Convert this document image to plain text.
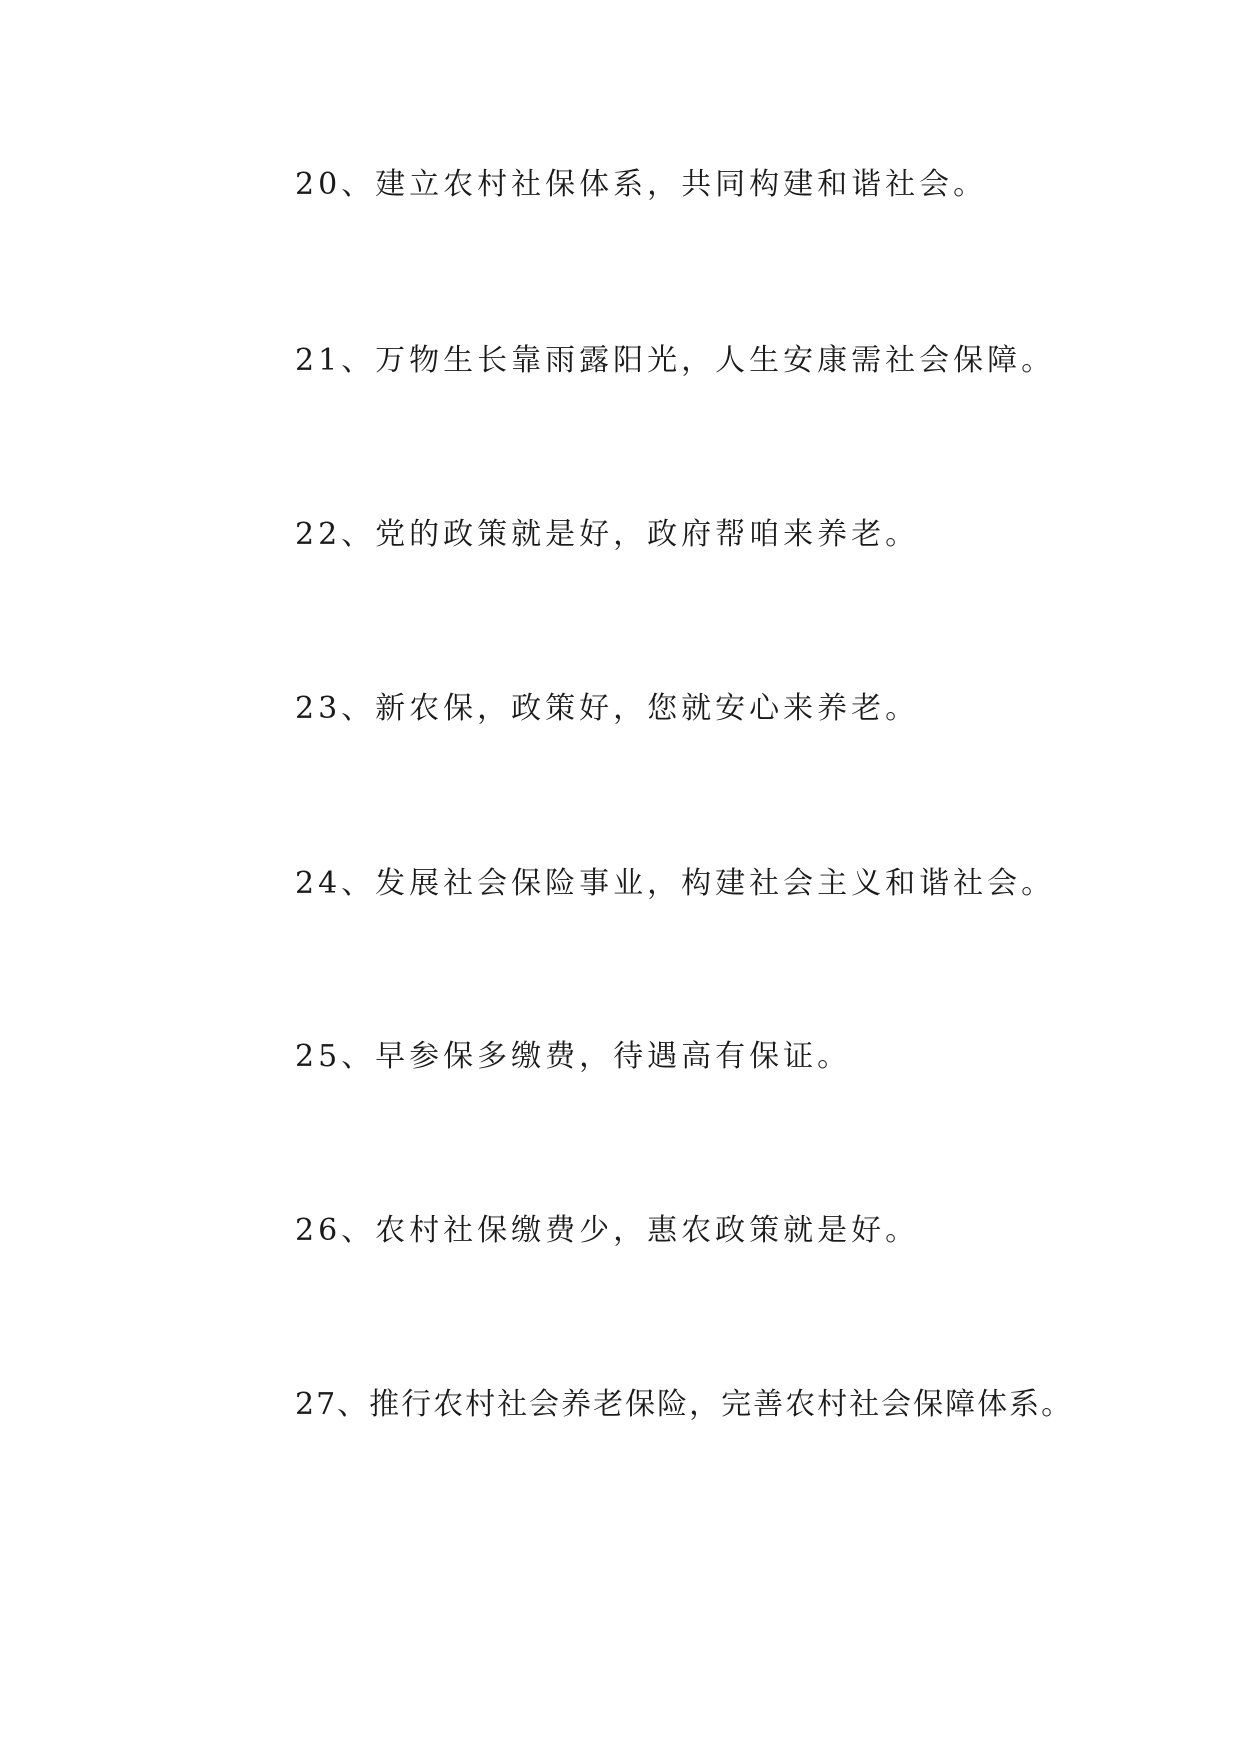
20、建立农村社保体系，共同构建和谐社会。
21、万物生长靠雨露阳光，人生安康需社会保障。
22、党的政策就是好，政府帮咱来养老。
23、新农保，政策好，您就安心来养老。
24、发展社会保险事业，构建社会主义和谐社会。
25、早参保多缴费，待遇高有保证。
26、农村社保缴费少，惠农政策就是好。
27、推行农村社会养老保险，完善农村社会保障体系。
